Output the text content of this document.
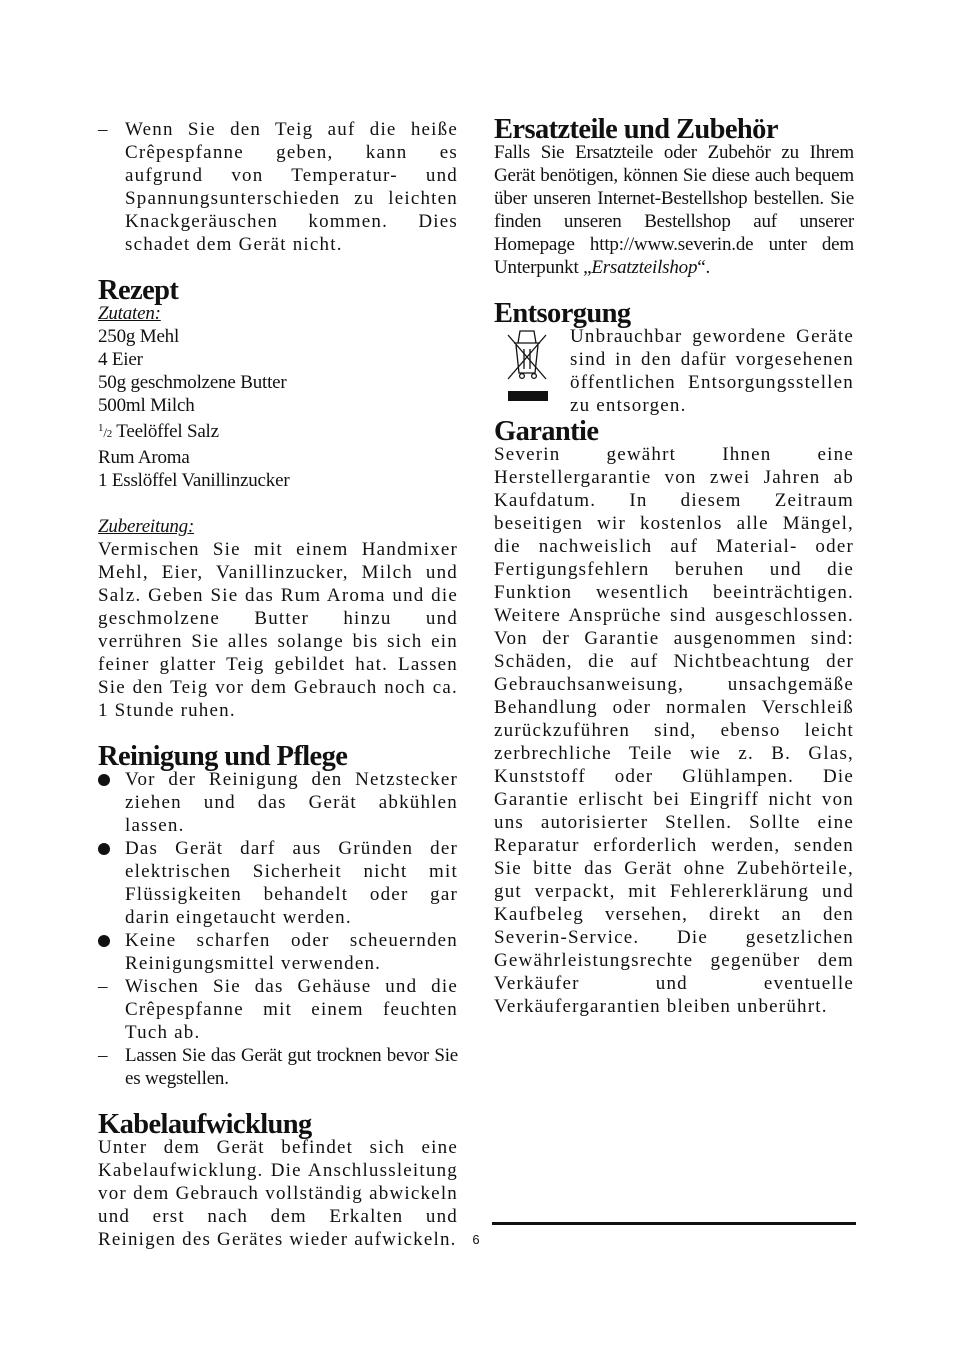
– Wenn Sie den Teig auf die heiße Crêpespfanne geben, kann es aufgrund von Temperatur- und Spannungsunterschieden zu leichten Knackgeräuschen kommen. Dies schadet dem Gerät nicht.
Rezept
Zutaten:
250g Mehl
4 Eier
50g geschmolzene Butter
500ml Milch
$^1$/2 Teelöffel Salz
Rum Aroma
1 Esslöffel Vanillinzucker
Zubereitung:

Vermischen Sie mit einem Handmixer Mehl, Eier, Vanillinzucker, Milch und Salz. Geben Sie das Rum Aroma und die geschmolzene Butter hinzu und verrühren Sie alles solange bis sich ein feiner glatter Teig gebildet hat. Lassen Sie den Teig vor dem Gebrauch noch ca. 1 Stunde ruhen.

Reinigung und Pflege
Vor der Reinigung den Netzstecker ziehen und das Gerät abkühlen lassen.
Das Gerät darf aus Gründen der elektrischen Sicherheit nicht mit Flüssigkeiten behandelt oder gar darin eingetaucht werden.
Keine scharfen oder scheuernden Reinigungsmittel verwenden.
– Wischen Sie das Gehäuse und die Crêpespfanne mit einem feuchten Tuch ab.
– Lassen Sie das Gerät gut trocknen bevor Sie es wegstellen.
Kabelaufwicklung

Unter dem Gerät befindet sich eine Kabelaufwicklung. Die Anschlussleitung vor dem Gebrauch vollständig abwickeln und erst nach dem Erkalten und Reinigen des Gerätes wieder aufwickeln.

Ersatzteile und Zubehör

Falls Sie Ersatzteile oder Zubehör zu Ihrem Gerät benötigen, können Sie diese auch bequem über unseren Internet-Bestellshop bestellen. Sie finden unseren Bestellshop auf unserer Homepage http://www.severin.de unter dem Unterpunkt „Ersatzteilshop“.

Entsorgung

Unbrauchbar gewordene Geräte sind in den dafür vorgesehenen öffentlichen Entsorgungsstellen zu entsorgen.

Garantie

Severin gewährt Ihnen eine Herstellergarantie von zwei Jahren ab Kaufdatum. In diesem Zeitraum beseitigen wir kostenlos alle Mängel, die nachweislich auf Material- oder Fertigungsfehlern beruhen und die Funktion wesentlich beeinträchtigen. Weitere Ansprüche sind ausgeschlossen. Von der Garantie ausgenommen sind: Schäden, die auf Nichtbeachtung der Gebrauchsanweisung, unsachgemäße Behandlung oder normalen Verschleiß zurückzuführen sind, ebenso leicht zerbrechliche Teile wie z. B. Glas, Kunststoff oder Glühlampen. Die Garantie erlischt bei Eingriff nicht von uns autorisierter Stellen. Sollte eine Reparatur erforderlich werden, senden Sie bitte das Gerät ohne Zubehörteile, gut verpackt, mit Fehlererklärung und Kaufbeleg versehen, direkt an den Severin-Service. Die gesetzlichen Gewährleistungsrechte gegenüber dem Verkäufer und eventuelle Verkäufergarantien bleiben unberührt.

6
